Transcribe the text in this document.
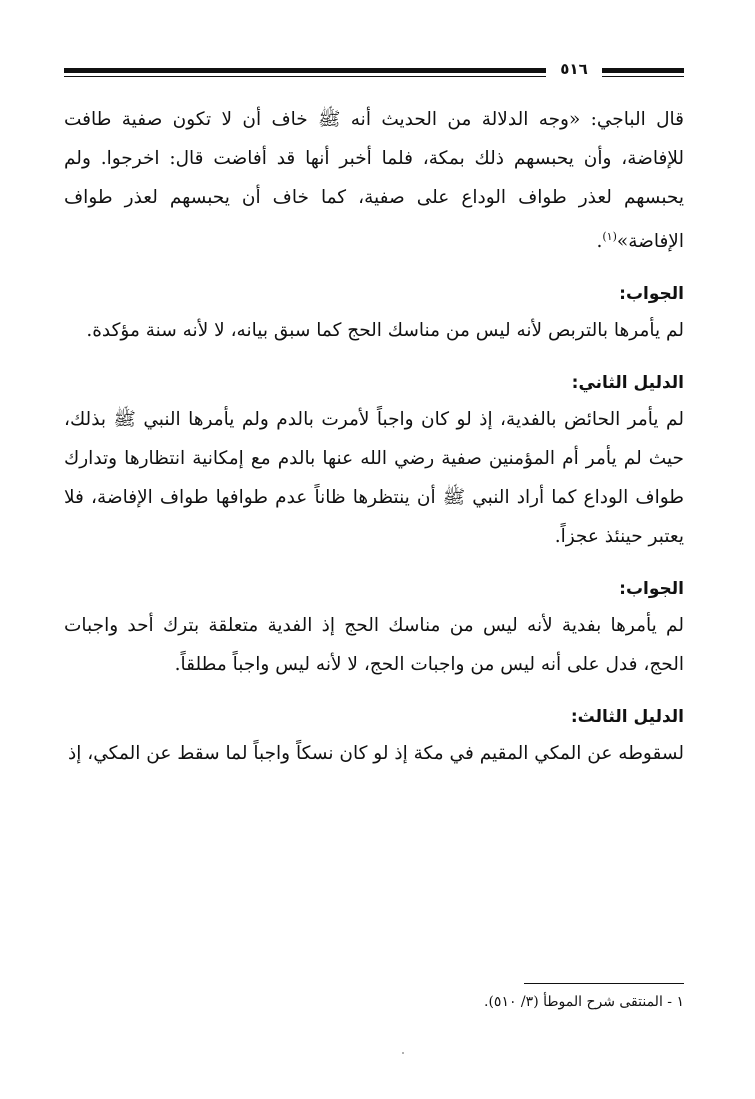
٥١٦

قال الباجي: «وجه الدلالة من الحديث أنه ﷺ خاف أن لا تكون صفية طافت للإفاضة، وأن يحبسهم ذلك بمكة، فلما أخبر أنها قد أفاضت قال: اخرجوا. ولم يحبسهم لعذر طواف الوداع على صفية، كما خاف أن يحبسهم لعذر طواف الإفاضة»$^{(١)}$.

الجواب:

لم يأمرها بالتربص لأنه ليس من مناسك الحج كما سبق بيانه، لا لأنه سنة مؤكدة.

الدليل الثاني:

لم يأمر الحائض بالفدية، إذ لو كان واجباً لأمرت بالدم ولم يأمرها النبي ﷺ بذلك، حيث لم يأمر أم المؤمنين صفية رضي الله عنها بالدم مع إمكانية انتظارها وتدارك طواف الوداع كما أراد النبي ﷺ أن ينتظرها ظاناً عدم طوافها طواف الإفاضة، فلا يعتبر حينئذ عجزاً.

الجواب:

لم يأمرها بفدية لأنه ليس من مناسك الحج إذ الفدية متعلقة بترك أحد واجبات الحج، فدل على أنه ليس من واجبات الحج، لا لأنه ليس واجباً مطلقاً.

الدليل الثالث:

لسقوطه عن المكي المقيم في مكة إذ لو كان نسكاً واجباً لما سقط عن المكي، إذ

١ - المنتقى شرح الموطأ (٣/ ٥١٠).
